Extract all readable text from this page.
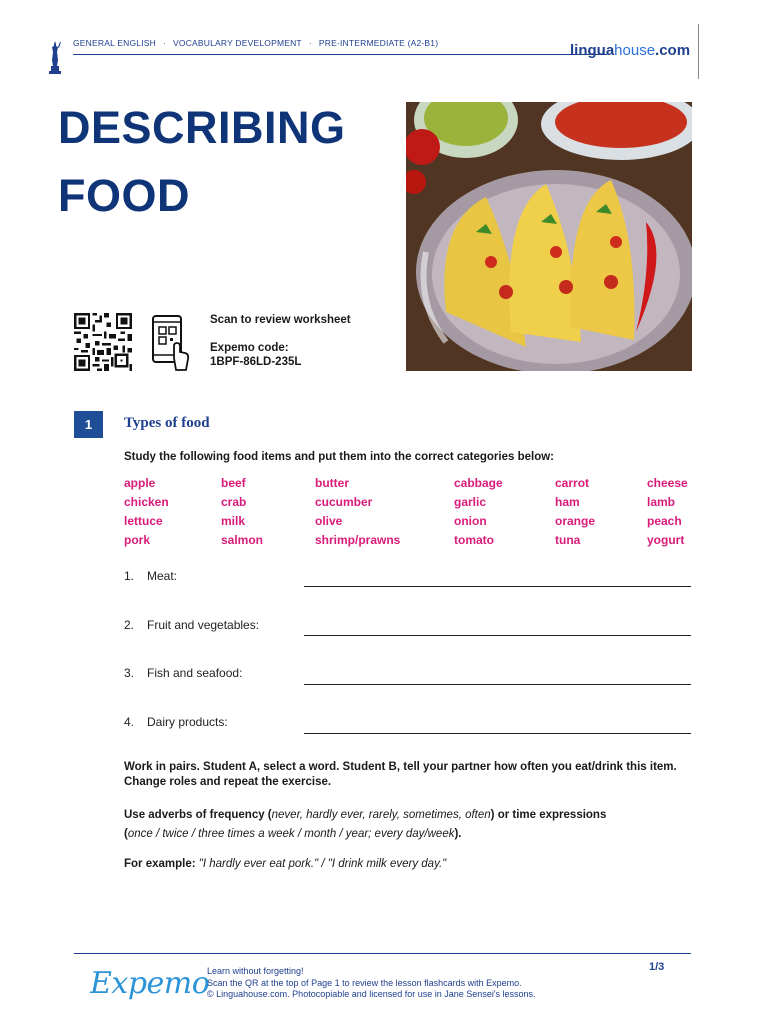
GENERAL ENGLISH · VOCABULARY DEVELOPMENT · PRE-INTERMEDIATE (A2-B1)	linguahouse.com
DESCRIBING
FOOD
Scan to review worksheet
Expemo code:
1BPF-86LD-235L
1	Types of food
Study the following food items and put them into the correct categories below:
apple	beef	butter	cabbage	carrot	cheese
chicken	crab	cucumber	garlic	ham	lamb
lettuce	milk	olive	onion	orange	peach
pork	salmon	shrimp/prawns	tomato	tuna	yogurt
1. Meat:
2. Fruit and vegetables:
3. Fish and seafood:
4. Dairy products:
Work in pairs. Student A, select a word. Student B, tell your partner how often you eat/drink this item. Change roles and repeat the exercise.
Use adverbs of frequency (never, hardly ever, rarely, sometimes, often) or time expressions
(once / twice / three times a week / month / year; every day/week).
For example: "I hardly ever eat pork." / "I drink milk every day."
Expemo
Learn without forgetting!
Scan the QR at the top of Page 1 to review the lesson flashcards with Expemo.
© Linguahouse.com. Photocopiable and licensed for use in Jane Sensei's lessons.
1/3
